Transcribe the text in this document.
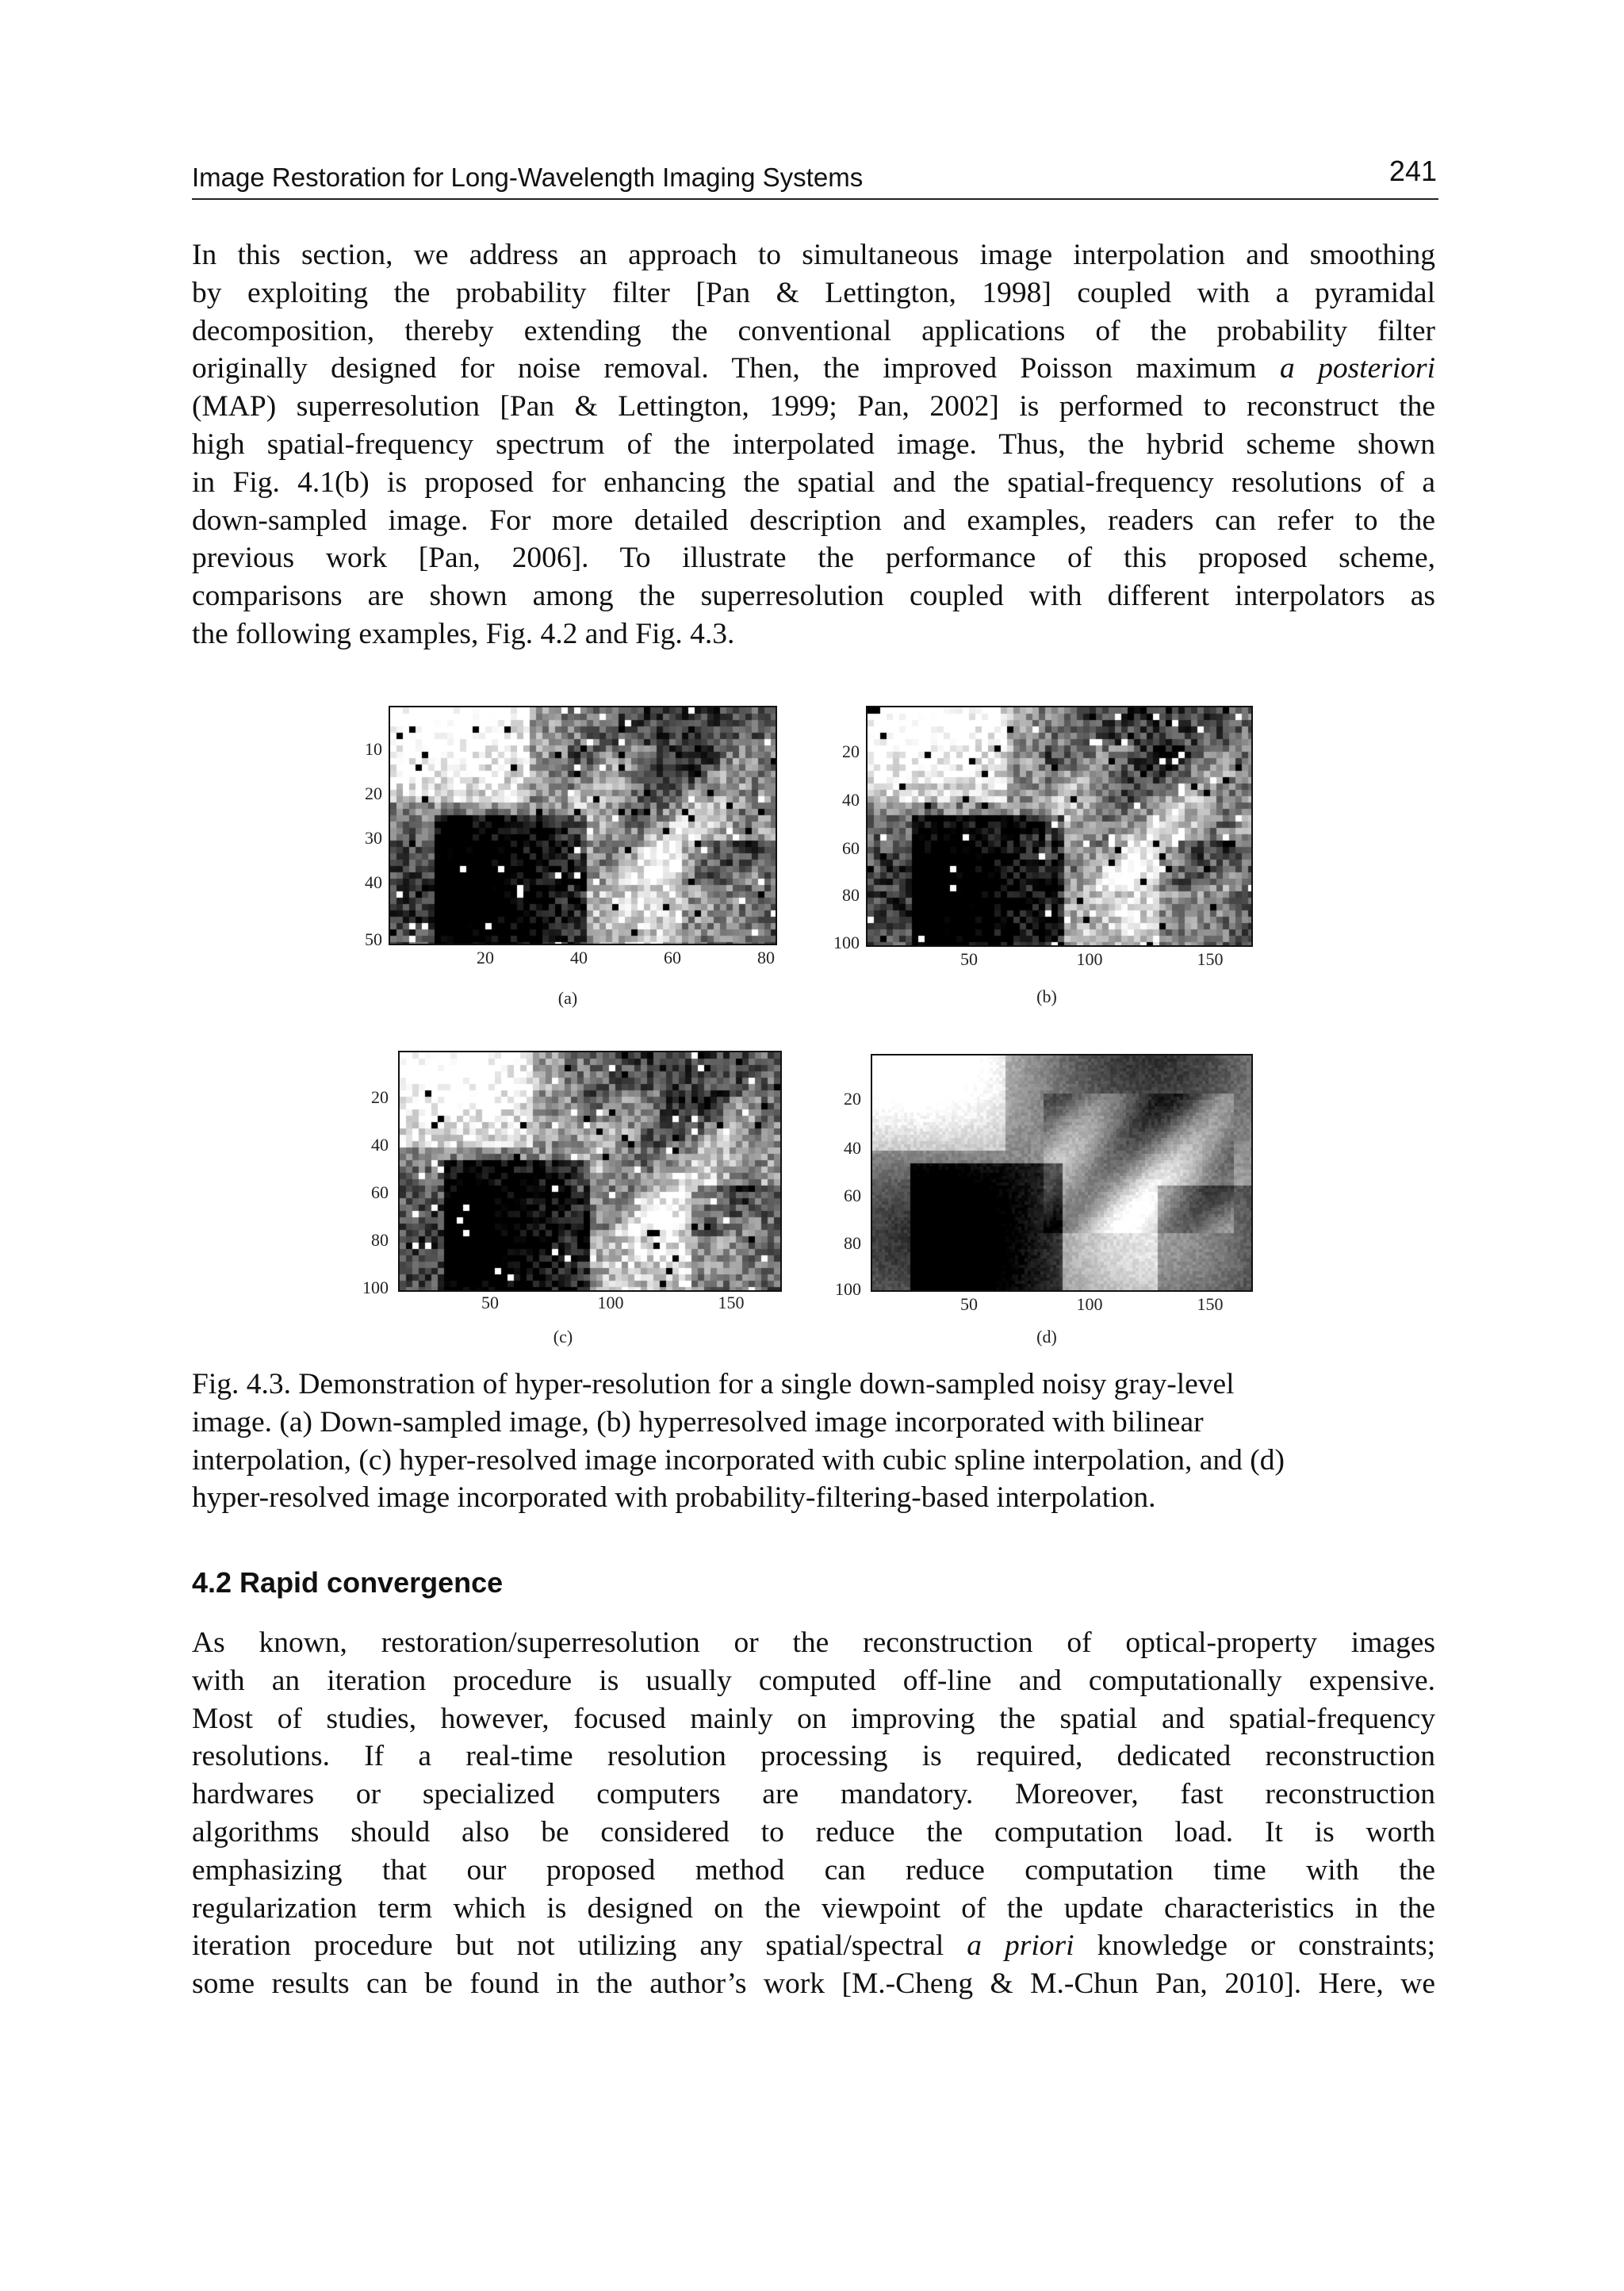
Image Restoration for Long-Wavelength Imaging Systems	241
In this section, we address an approach to simultaneous image interpolation and smoothing
by exploiting the probability filter [Pan & Lettington, 1998] coupled with a pyramidal
decomposition, thereby extending the conventional applications of the probability filter
originally designed for noise removal. Then, the improved Poisson maximum a posteriori
(MAP) superresolution [Pan & Lettington, 1999; Pan, 2002] is performed to reconstruct the
high spatial-frequency spectrum of the interpolated image. Thus, the hybrid scheme shown
in Fig. 4.1(b) is proposed for enhancing the spatial and the spatial-frequency resolutions of a
down-sampled image. For more detailed description and examples, readers can refer to the
previous work [Pan, 2006]. To illustrate the performance of this proposed scheme,
comparisons are shown among the superresolution coupled with different interpolators as
the following examples, Fig. 4.2 and Fig. 4.3.
10
20
30
40
50
20	40	60	80
(a)
20
40
60
80
100
50	100	150
(b)
20
40
60
80
100
50	100	150
(c)
20
40
60
80
100
50	100	150
(d)
Fig. 4.3. Demonstration of hyper-resolution for a single down-sampled noisy gray-level
image. (a) Down-sampled image, (b) hyperresolved image incorporated with bilinear
interpolation, (c) hyper-resolved image incorporated with cubic spline interpolation, and (d)
hyper-resolved image incorporated with probability-filtering-based interpolation.
4.2 Rapid convergence
As known, restoration/superresolution or the reconstruction of optical-property images
with an iteration procedure is usually computed off-line and computationally expensive.
Most of studies, however, focused mainly on improving the spatial and spatial-frequency
resolutions. If a real-time resolution processing is required, dedicated reconstruction
hardwares or specialized computers are mandatory. Moreover, fast reconstruction
algorithms should also be considered to reduce the computation load. It is worth
emphasizing that our proposed method can reduce computation time with the
regularization term which is designed on the viewpoint of the update characteristics in the
iteration procedure but not utilizing any spatial/spectral a priori knowledge or constraints;
some results can be found in the author’s work [M.-Cheng & M.-Chun Pan, 2010]. Here, we
